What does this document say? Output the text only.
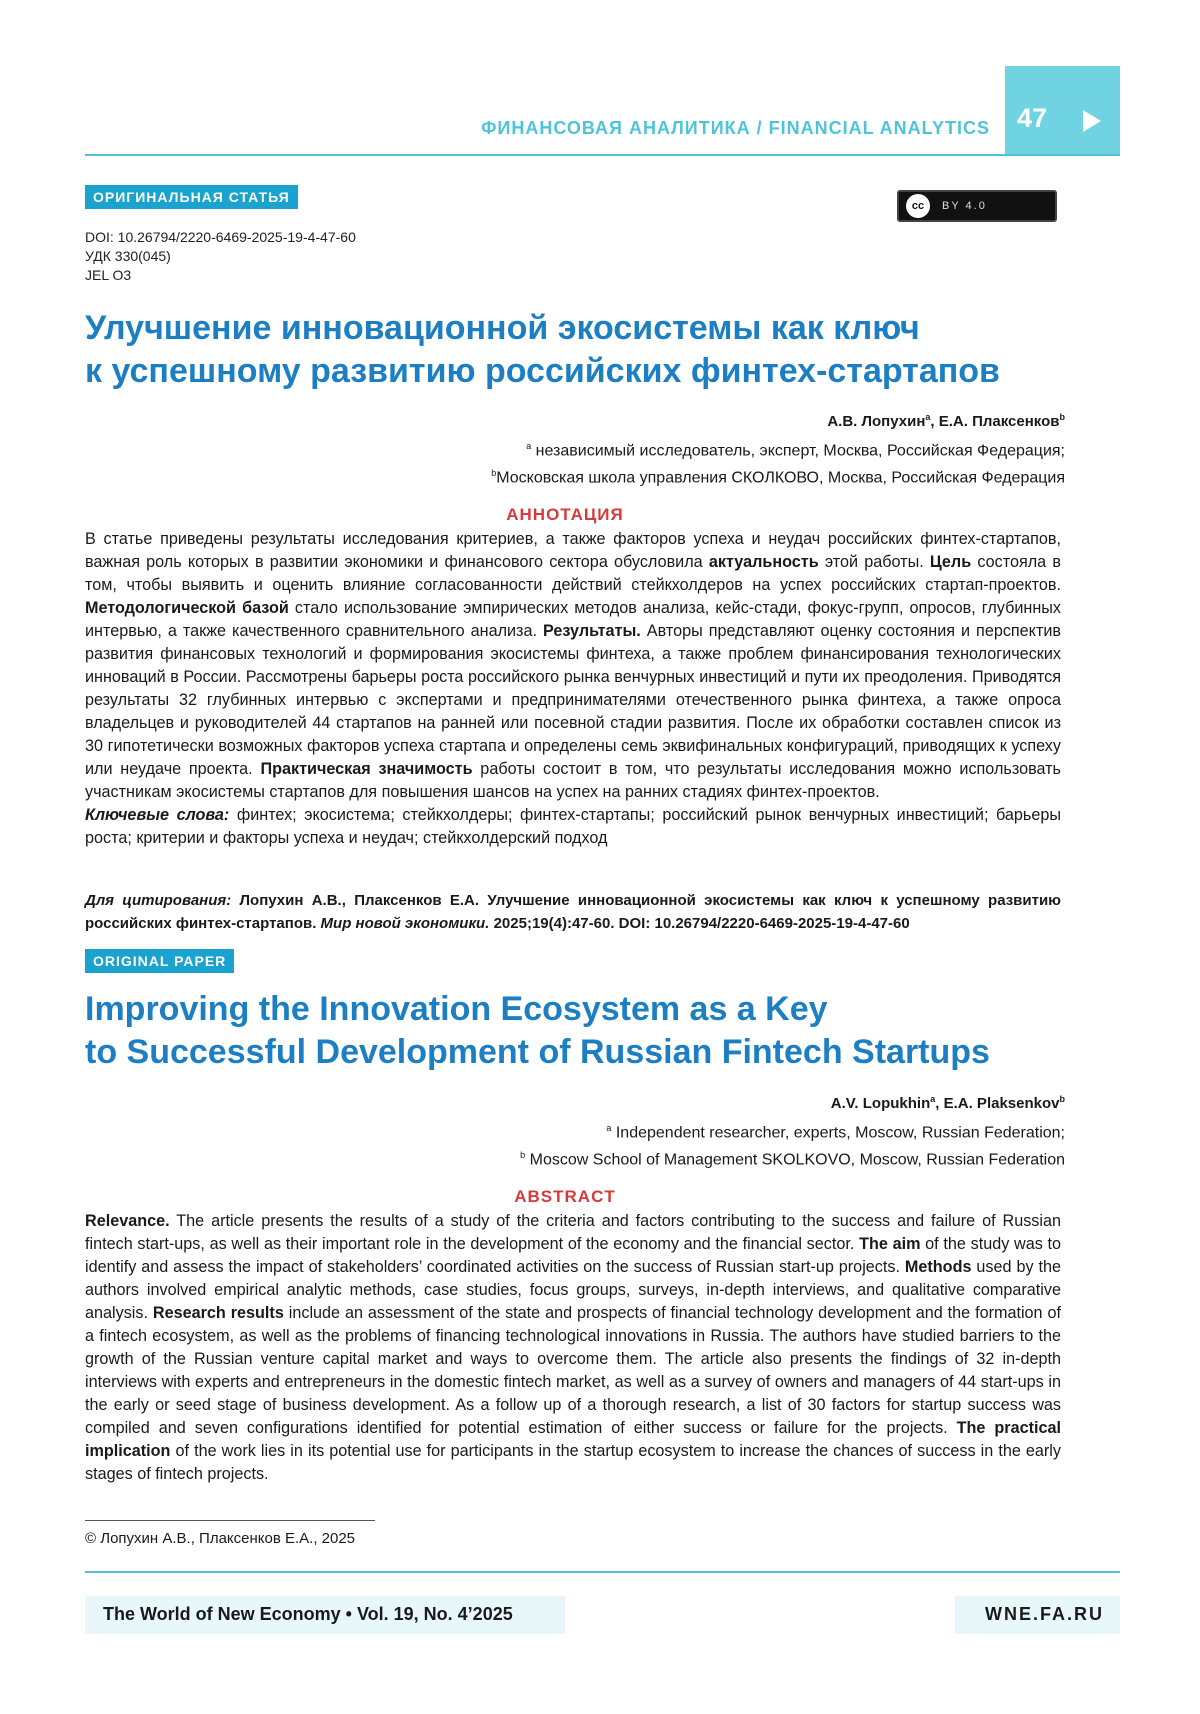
ФИНАНСОВАЯ АНАЛИТИКА / FINANCIAL ANALYTICS 47
ОРИГИНАЛЬНАЯ СТАТЬЯ
cc	BY 4.0
DOI: 10.26794/2220-6469-2025-19-4-47-60
УДК 330(045)
JEL O3
Улучшение инновационной экосистемы как ключ
к успешному развитию российских финтех-стартапов
А.В. Лопухин$^a$, Е.А. Плаксенков$^b$
$^a$ независимый исследователь, эксперт, Москва, Российская Федерация;
$^b$Московская школа управления СКОЛКОВО, Москва, Российская Федерация
АННОТАЦИЯ
В статье приведены результаты исследования критериев, а также факторов успеха и неудач российских финтех-стартапов, важная роль которых в развитии экономики и финансового сектора обусловила актуальность этой работы. Цель состояла в том, чтобы выявить и оценить влияние согласованности действий стейкхолдеров на успех российских стартап-проектов. Методологической базой стало использование эмпирических методов анализа, кейс-стади, фокус-групп, опросов, глубинных интервью, а также качественного сравнительного анализа. Результаты. Авторы представляют оценку состояния и перспектив развития финансовых технологий и формирования экосистемы финтеха, а также проблем финансирования технологических инноваций в России. Рассмотрены барьеры роста российского рынка венчурных инвестиций и пути их преодоления. Приводятся результаты 32 глубинных интервью с экспертами и предпринимателями отечественного рынка финтеха, а также опроса владельцев и руководителей 44 стартапов на ранней или посевной стадии развития. После их обработки составлен список из 30 гипотетически возможных факторов успеха стартапа и определены семь эквифинальных конфигураций, приводящих к успеху или неудаче проекта. Практическая значимость работы состоит в том, что результаты исследования можно использовать участникам экосистемы стартапов для повышения шансов на успех на ранних стадиях финтех-проектов.
Ключевые слова: финтех; экосистема; стейкхолдеры; финтех-стартапы; российский рынок венчурных инвестиций; барьеры роста; критерии и факторы успеха и неудач; стейкхолдерский подход
Для цитирования: Лопухин А.В., Плаксенков Е.А. Улучшение инновационной экосистемы как ключ к успешному развитию российских финтех-стартапов. Мир новой экономики. 2025;19(4):47-60. DOI: 10.26794/2220-6469-2025-19-4-47-60
ORIGINAL PAPER
Improving the Innovation Ecosystem as a Key
to Successful Development of Russian Fintech Startups
A.V. Lopukhin$^a$, E.A. Plaksenkov$^b$
$^a$ Independent researcher, experts, Moscow, Russian Federation;
$^b$ Moscow School of Management SKOLKOVO, Moscow, Russian Federation
ABSTRACT
Relevance. The article presents the results of a study of the criteria and factors contributing to the success and failure of Russian fintech start-ups, as well as their important role in the development of the economy and the financial sector. The aim of the study was to identify and assess the impact of stakeholders’ coordinated activities on the success of Russian start-up projects. Methods used by the authors involved empirical analytic methods, case studies, focus groups, surveys, in-depth interviews, and qualitative comparative analysis. Research results include an assessment of the state and prospects of financial technology development and the formation of a fintech ecosystem, as well as the problems of financing technological innovations in Russia. The authors have studied barriers to the growth of the Russian venture capital market and ways to overcome them. The article also presents the findings of 32 in-depth interviews with experts and entrepreneurs in the domestic fintech market, as well as a survey of owners and managers of 44 start-ups in the early or seed stage of business development. As a follow up of a thorough research, a list of 30 factors for startup success was compiled and seven configurations identified for potential estimation of either success or failure for the projects. The practical implication of the work lies in its potential use for participants in the startup ecosystem to increase the chances of success in the early stages of fintech projects.
© Лопухин А.В., Плаксенков Е.А., 2025
The World of New Economy • Vol. 19, No. 4’2025	WNE.FA.RU
